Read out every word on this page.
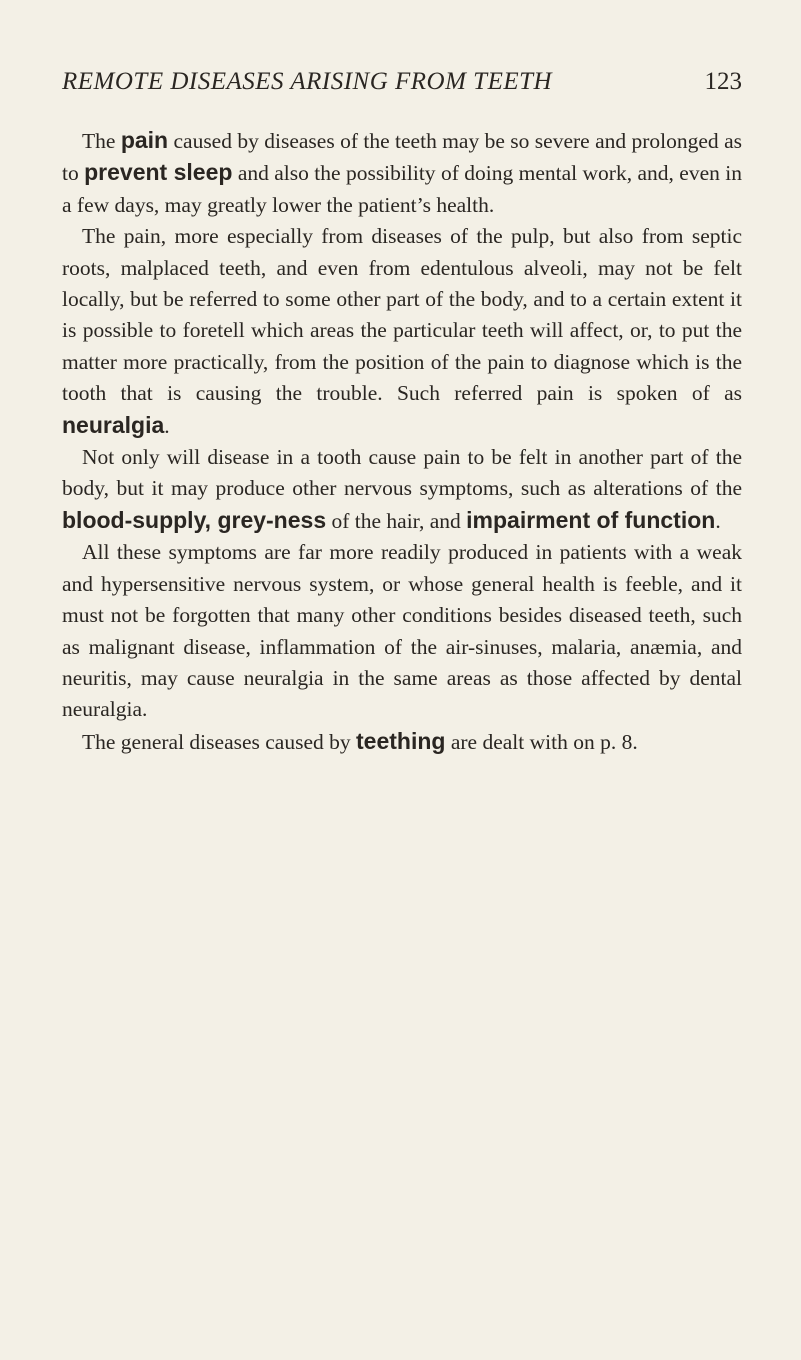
REMOTE DISEASES ARISING FROM TEETH	123

The pain caused by diseases of the teeth may be so severe and prolonged as to prevent sleep and also the possibility of doing mental work, and, even in a few days, may greatly lower the patient’s health.

The pain, more especially from diseases of the pulp, but also from septic roots, malplaced teeth, and even from edentulous alveoli, may not be felt locally, but be referred to some other part of the body, and to a certain extent it is possible to foretell which areas the particular teeth will affect, or, to put the matter more practically, from the position of the pain to diagnose which is the tooth that is causing the trouble. Such referred pain is spoken of as neuralgia.

Not only will disease in a tooth cause pain to be felt in another part of the body, but it may produce other nervous symptoms, such as alterations of the blood-supply, grey-ness of the hair, and impairment of function.

All these symptoms are far more readily produced in patients with a weak and hypersensitive nervous system, or whose general health is feeble, and it must not be forgotten that many other conditions besides diseased teeth, such as malignant disease, inflammation of the air-sinuses, malaria, anæmia, and neuritis, may cause neuralgia in the same areas as those affected by dental neuralgia.

The general diseases caused by teething are dealt with on p. 8.
